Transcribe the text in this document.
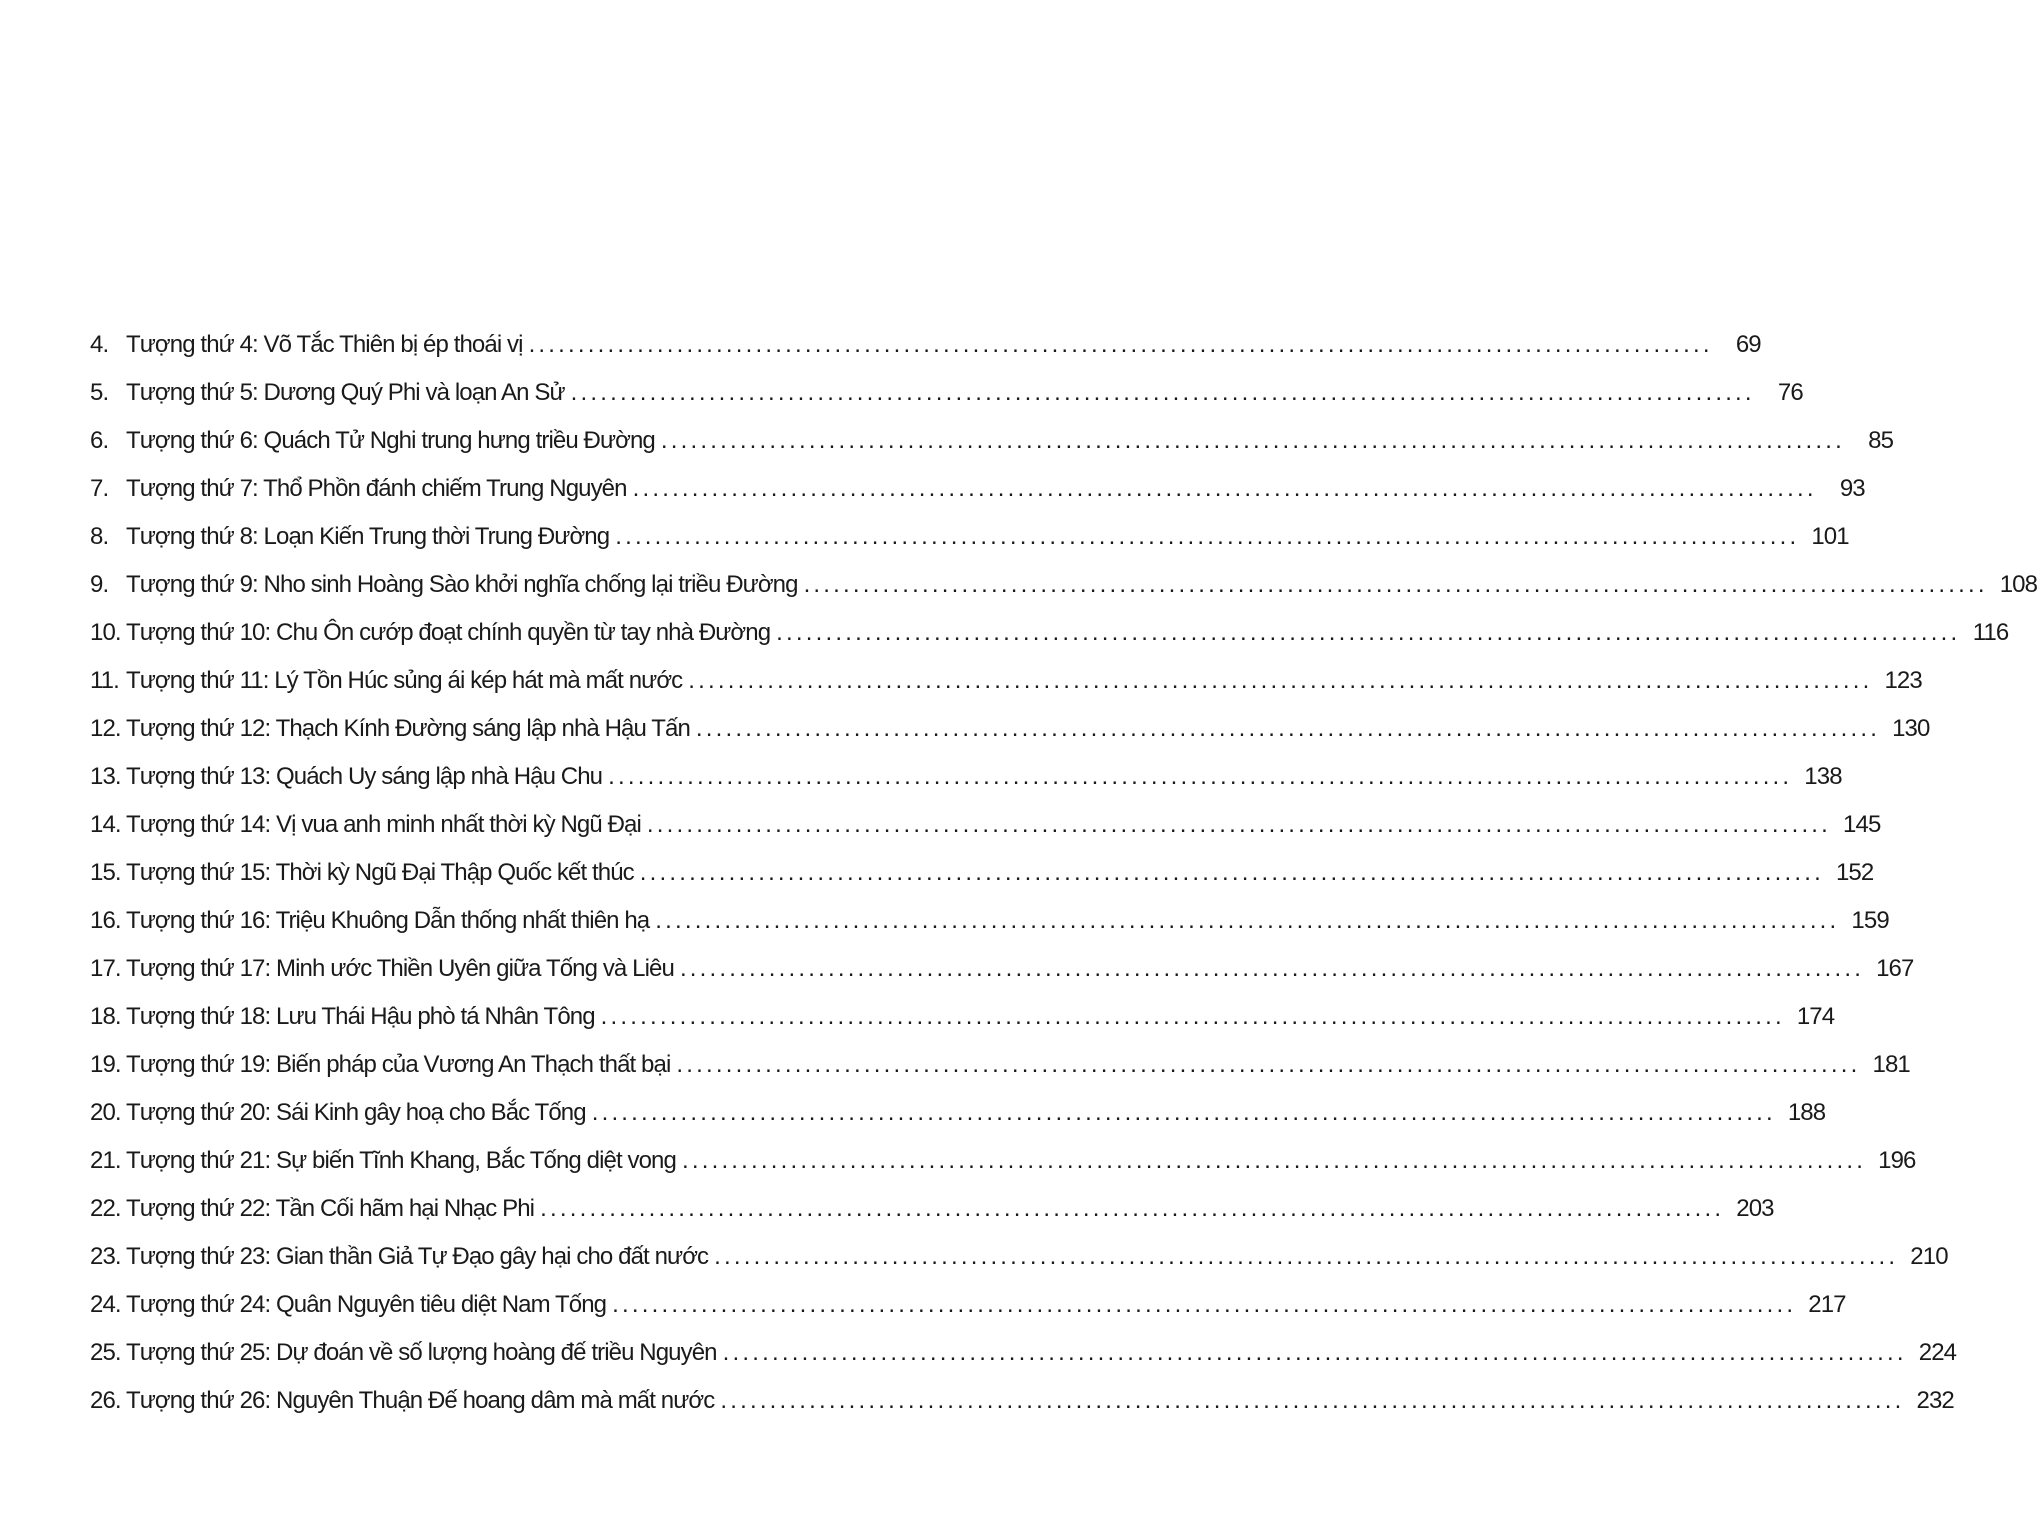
4. Tượng thứ 4: Võ Tắc Thiên bị ép thoái vị ........................................................................................................................ 69
5. Tượng thứ 5: Dương Quý Phi và loạn An Sử ........................................................................................................................ 76
6. Tượng thứ 6: Quách Tử Nghi trung hưng triều Đường ........................................................................................................................ 85
7. Tượng thứ 7: Thổ Phồn đánh chiếm Trung Nguyên ........................................................................................................................ 93
8. Tượng thứ 8: Loạn Kiến Trung thời Trung Đường ........................................................................................................................ 101
9. Tượng thứ 9: Nho sinh Hoàng Sào khởi nghĩa chống lại triều Đường ........................................................................................................................ 108
10. Tượng thứ 10: Chu Ôn cướp đoạt chính quyền từ tay nhà Đường ........................................................................................................................ 116
11. Tượng thứ 11: Lý Tồn Húc sủng ái kép hát mà mất nước ........................................................................................................................ 123
12. Tượng thứ 12: Thạch Kính Đường sáng lập nhà Hậu Tấn ........................................................................................................................ 130
13. Tượng thứ 13: Quách Uy sáng lập nhà Hậu Chu ........................................................................................................................ 138
14. Tượng thứ 14: Vị vua anh minh nhất thời kỳ Ngũ Đại ........................................................................................................................ 145
15. Tượng thứ 15: Thời kỳ Ngũ Đại Thập Quốc kết thúc ........................................................................................................................ 152
16. Tượng thứ 16: Triệu Khuông Dẫn thống nhất thiên hạ ........................................................................................................................ 159
17. Tượng thứ 17: Minh ước Thiền Uyên giữa Tống và Liêu ........................................................................................................................ 167
18. Tượng thứ 18: Lưu Thái Hậu phò tá Nhân Tông ........................................................................................................................ 174
19. Tượng thứ 19: Biến pháp của Vương An Thạch thất bại ........................................................................................................................ 181
20. Tượng thứ 20: Sái Kinh gây hoạ cho Bắc Tống ........................................................................................................................ 188
21. Tượng thứ 21: Sự biến Tĩnh Khang, Bắc Tống diệt vong ........................................................................................................................ 196
22. Tượng thứ 22: Tần Cối hãm hại Nhạc Phi ........................................................................................................................ 203
23. Tượng thứ 23: Gian thần Giả Tự Đạo gây hại cho đất nước ........................................................................................................................ 210
24. Tượng thứ 24: Quân Nguyên tiêu diệt Nam Tống ........................................................................................................................ 217
25. Tượng thứ 25: Dự đoán về số lượng hoàng đế triều Nguyên ........................................................................................................................ 224
26. Tượng thứ 26: Nguyên Thuận Đế hoang dâm mà mất nước ........................................................................................................................ 232
